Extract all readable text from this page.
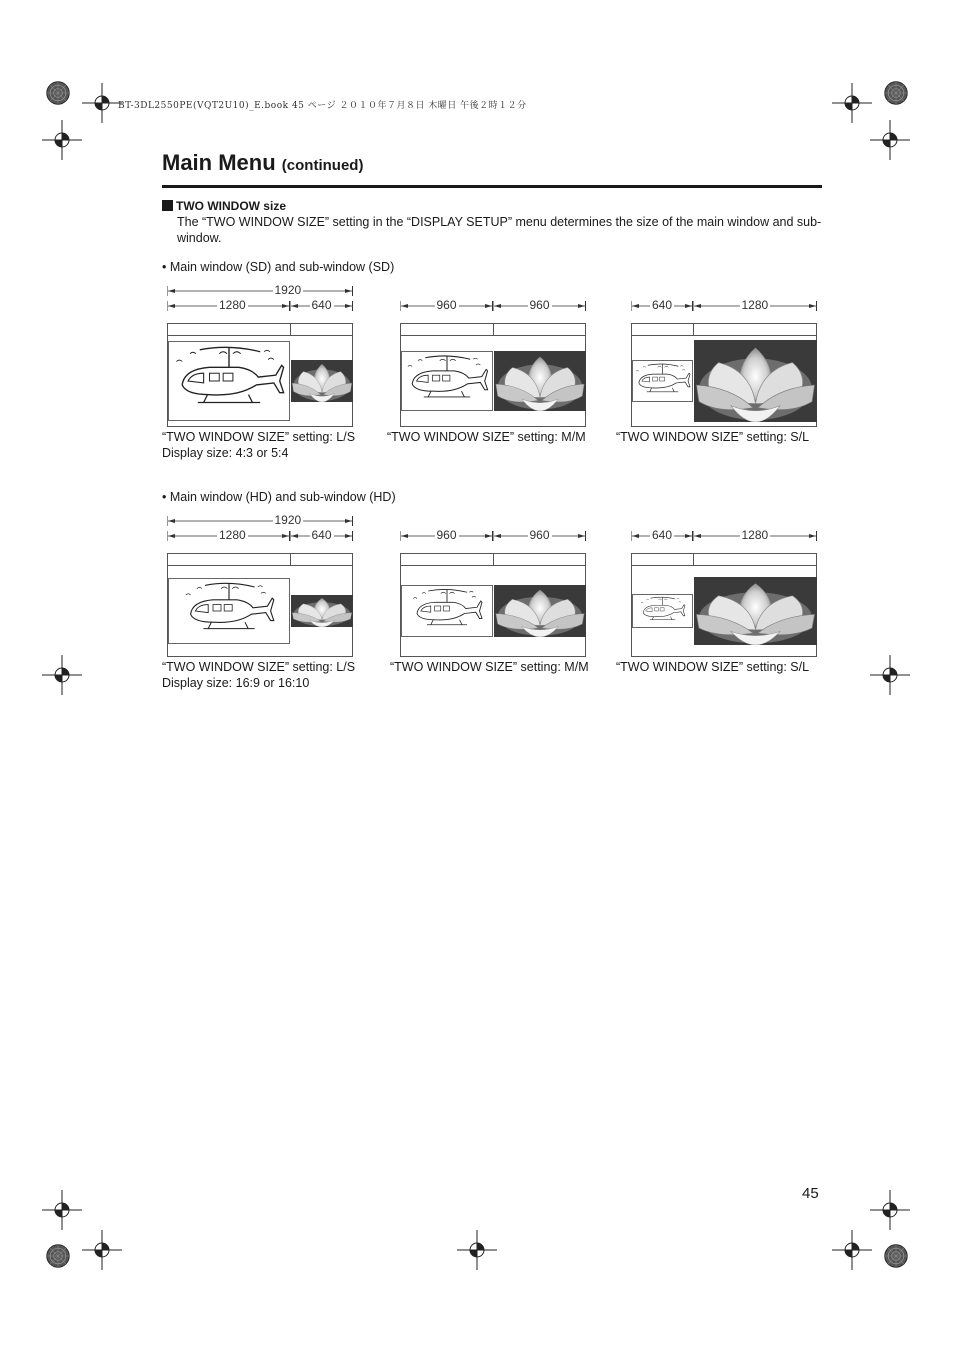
BT-3DL2550PE(VQT2U10)_E.book 45 ページ ２０１０年７月８日 木曜日 午後２時１２分
Main Menu (continued)
TWO WINDOW size
The “TWO WINDOW SIZE” setting in the “DISPLAY SETUP” menu determines the size of the main window and sub-window.
• Main window (SD) and sub-window (SD)
1920
1280	640
“TWO WINDOW SIZE” setting: L/S
960	960
“TWO WINDOW SIZE” setting: M/M
640	1280
“TWO WINDOW SIZE” setting: S/L
Display size: 4:3 or 5:4
• Main window (HD) and sub-window (HD)
1920
1280	640
“TWO WINDOW SIZE” setting: L/S
960	960
“TWO WINDOW SIZE” setting: M/M
640	1280
“TWO WINDOW SIZE” setting: S/L
Display size: 16:9 or 16:10
45
